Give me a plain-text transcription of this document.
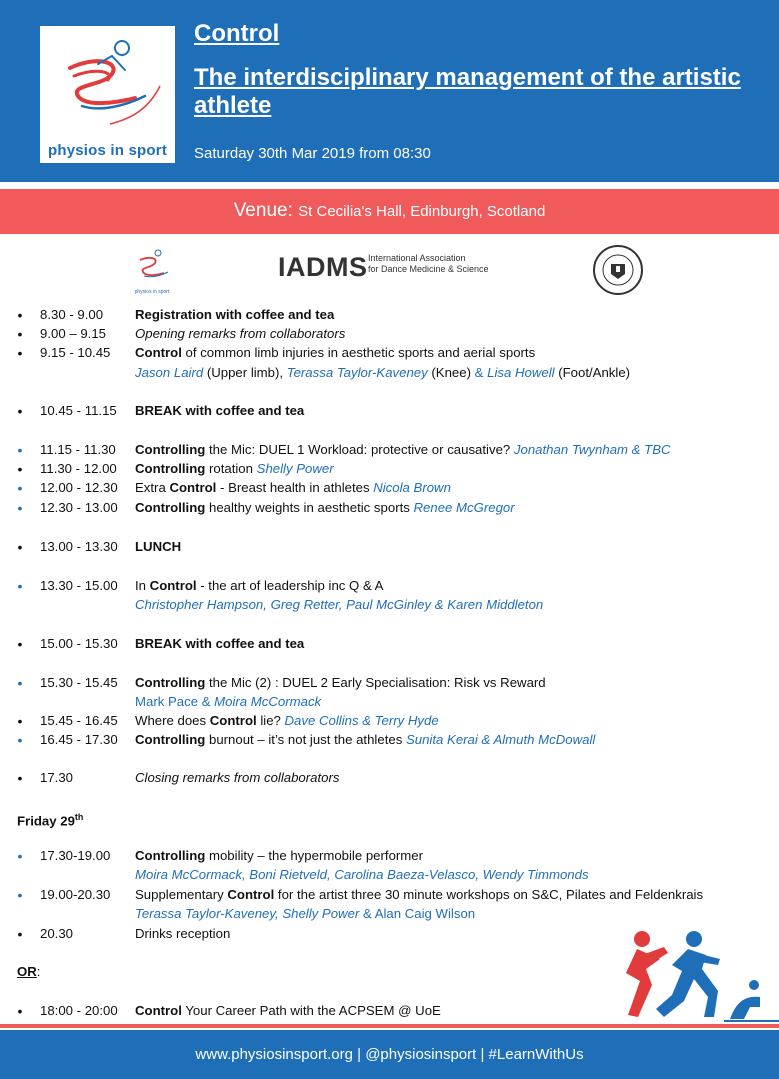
physios in sport
Control
The interdisciplinary management of the artistic athlete
Saturday 30th Mar 2019 from 08:30
Venue: St Cecilia's Hall, Edinburgh, Scotland
physios in sport
IADMS International Association
for Dance Medicine & Science
• 8.30 - 9.00 Registration with coffee and tea
• 9.00 – 9.15 Opening remarks from collaborators
• 9.15 - 10.45 Control of common limb injuries in aesthetic sports and aerial sports
Jason Laird (Upper limb), Terassa Taylor-Kaveney (Knee) & Lisa Howell (Foot/Ankle)
• 10.45 - 11.15 BREAK with coffee and tea
• 11.15 - 11.30 Controlling the Mic: DUEL 1 Workload: protective or causative? Jonathan Twynham & TBC
• 11.30 - 12.00 Controlling rotation Shelly Power
• 12.00 - 12.30 Extra Control - Breast health in athletes Nicola Brown
• 12.30 - 13.00 Controlling healthy weights in aesthetic sports Renee McGregor
• 13.00 - 13.30 LUNCH
• 13.30 - 15.00 In Control - the art of leadership inc Q & A
Christopher Hampson, Greg Retter, Paul McGinley & Karen Middleton
• 15.00 - 15.30 BREAK with coffee and tea
• 15.30 - 15.45 Controlling the Mic (2) : DUEL 2 Early Specialisation: Risk vs Reward
Mark Pace & Moira McCormack
• 15.45 - 16.45 Where does Control lie? Dave Collins & Terry Hyde
• 16.45 - 17.30 Controlling burnout – it’s not just the athletes Sunita Kerai & Almuth McDowall
• 17.30	Closing remarks from collaborators
Friday 29th
• 17.30-19.00 Controlling mobility – the hypermobile performer
Moira McCormack, Boni Rietveld, Carolina Baeza-Velasco, Wendy Timmonds
• 19.00-20.30 Supplementary Control for the artist three 30 minute workshops on S&C, Pilates and Feldenkrais
Terassa Taylor-Kaveney, Shelly Power & Alan Caig Wilson
• 20.30	Drinks reception
OR:
• 18:00 - 20:00 Control Your Career Path with the ACPSEM @ UoE
www.physiosinsport.org | @physiosinsport | #LearnWithUs
